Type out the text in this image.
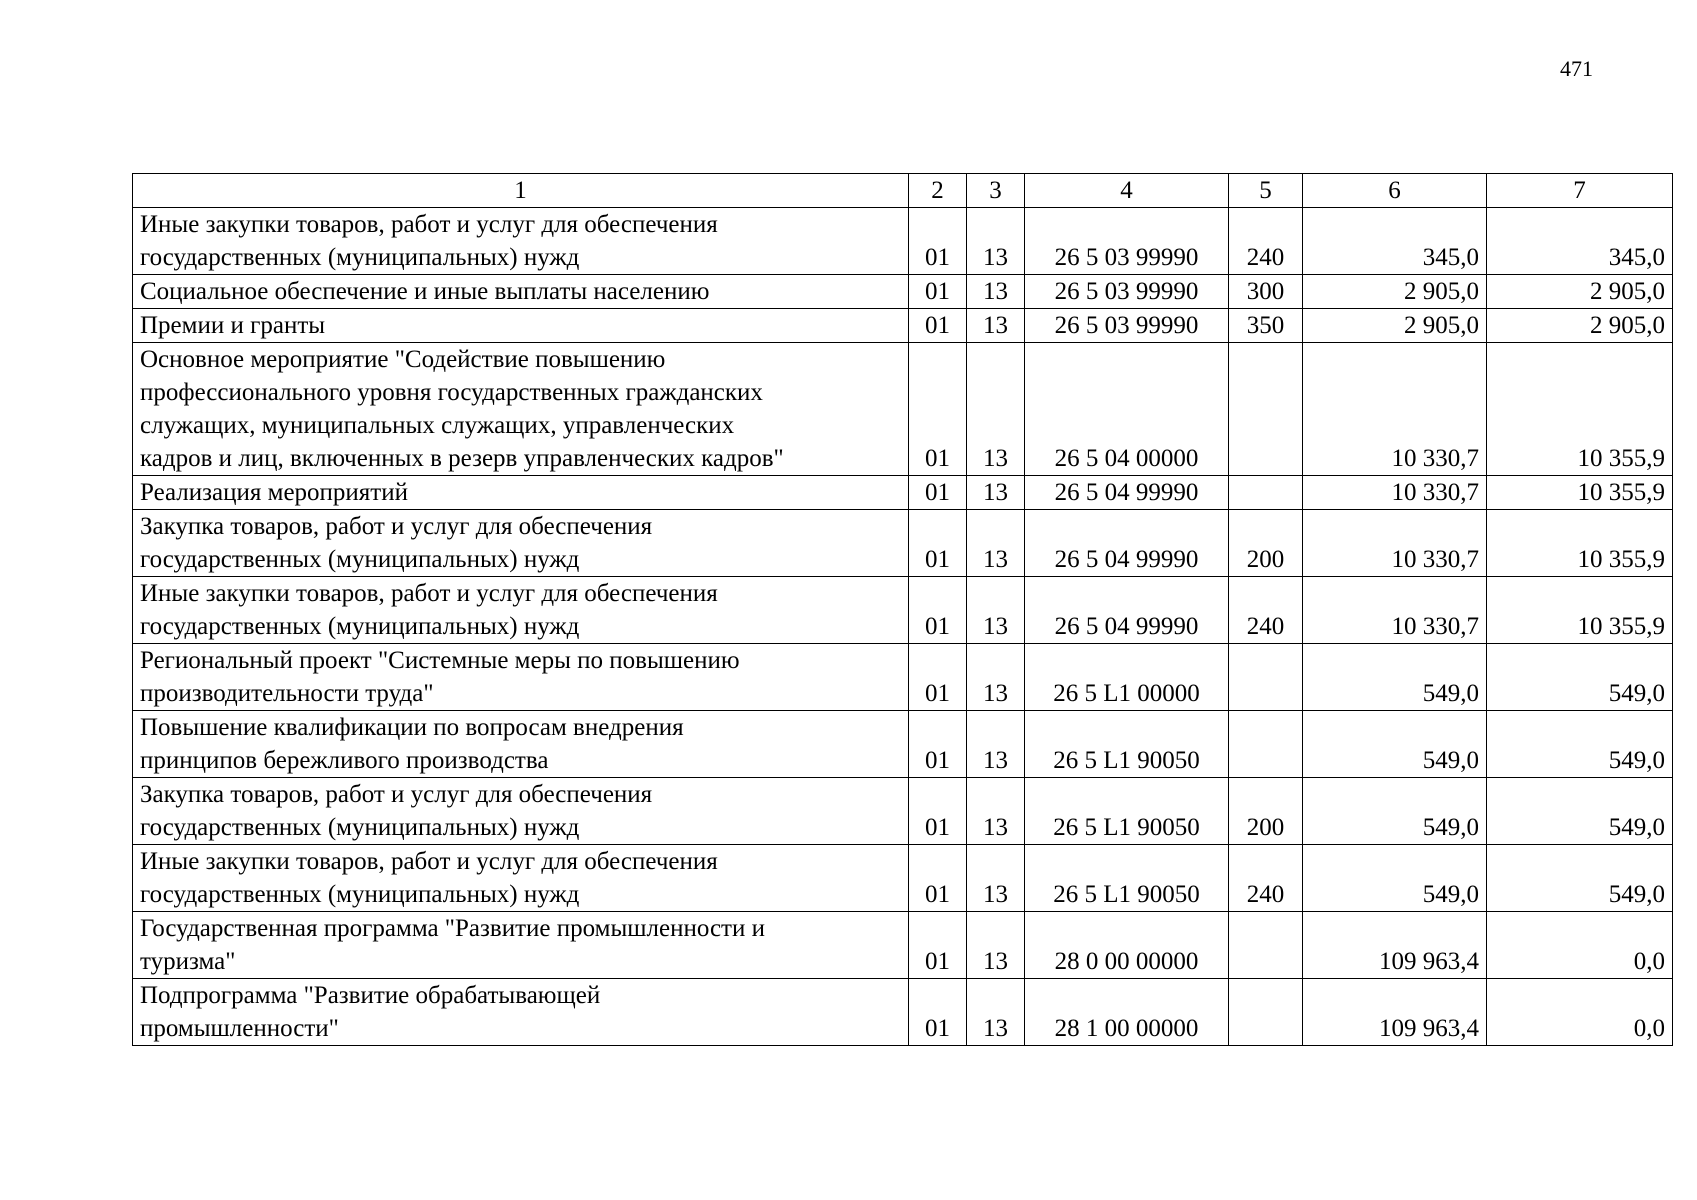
471
1	2	3	4	5	6	7
Иные закупки товаров, работ и услуг для обеспечения
государственных (муниципальных) нужд	01	13	26 5 03 99990	240	345,0	345,0
Социальное обеспечение и иные выплаты населению	01	13	26 5 03 99990	300	2 905,0	2 905,0
Премии и гранты	01	13	26 5 03 99990	350	2 905,0	2 905,0
Основное мероприятие "Содействие повышению
профессионального уровня государственных гражданских
служащих, муниципальных служащих, управленческих
кадров и лиц, включенных в резерв управленческих кадров"	01	13	26 5 04 00000		10 330,7	10 355,9
Реализация мероприятий	01	13	26 5 04 99990		10 330,7	10 355,9
Закупка товаров, работ и услуг для обеспечения
государственных (муниципальных) нужд	01	13	26 5 04 99990	200	10 330,7	10 355,9
Иные закупки товаров, работ и услуг для обеспечения
государственных (муниципальных) нужд	01	13	26 5 04 99990	240	10 330,7	10 355,9
Региональный проект "Системные меры по повышению
производительности труда"	01	13	26 5 L1 00000		549,0	549,0
Повышение квалификации по вопросам внедрения
принципов бережливого производства	01	13	26 5 L1 90050		549,0	549,0
Закупка товаров, работ и услуг для обеспечения
государственных (муниципальных) нужд	01	13	26 5 L1 90050	200	549,0	549,0
Иные закупки товаров, работ и услуг для обеспечения
государственных (муниципальных) нужд	01	13	26 5 L1 90050	240	549,0	549,0
Государственная программа "Развитие промышленности и
туризма"	01	13	28 0 00 00000		109 963,4	0,0
Подпрограмма "Развитие обрабатывающей
промышленности"	01	13	28 1 00 00000		109 963,4	0,0
